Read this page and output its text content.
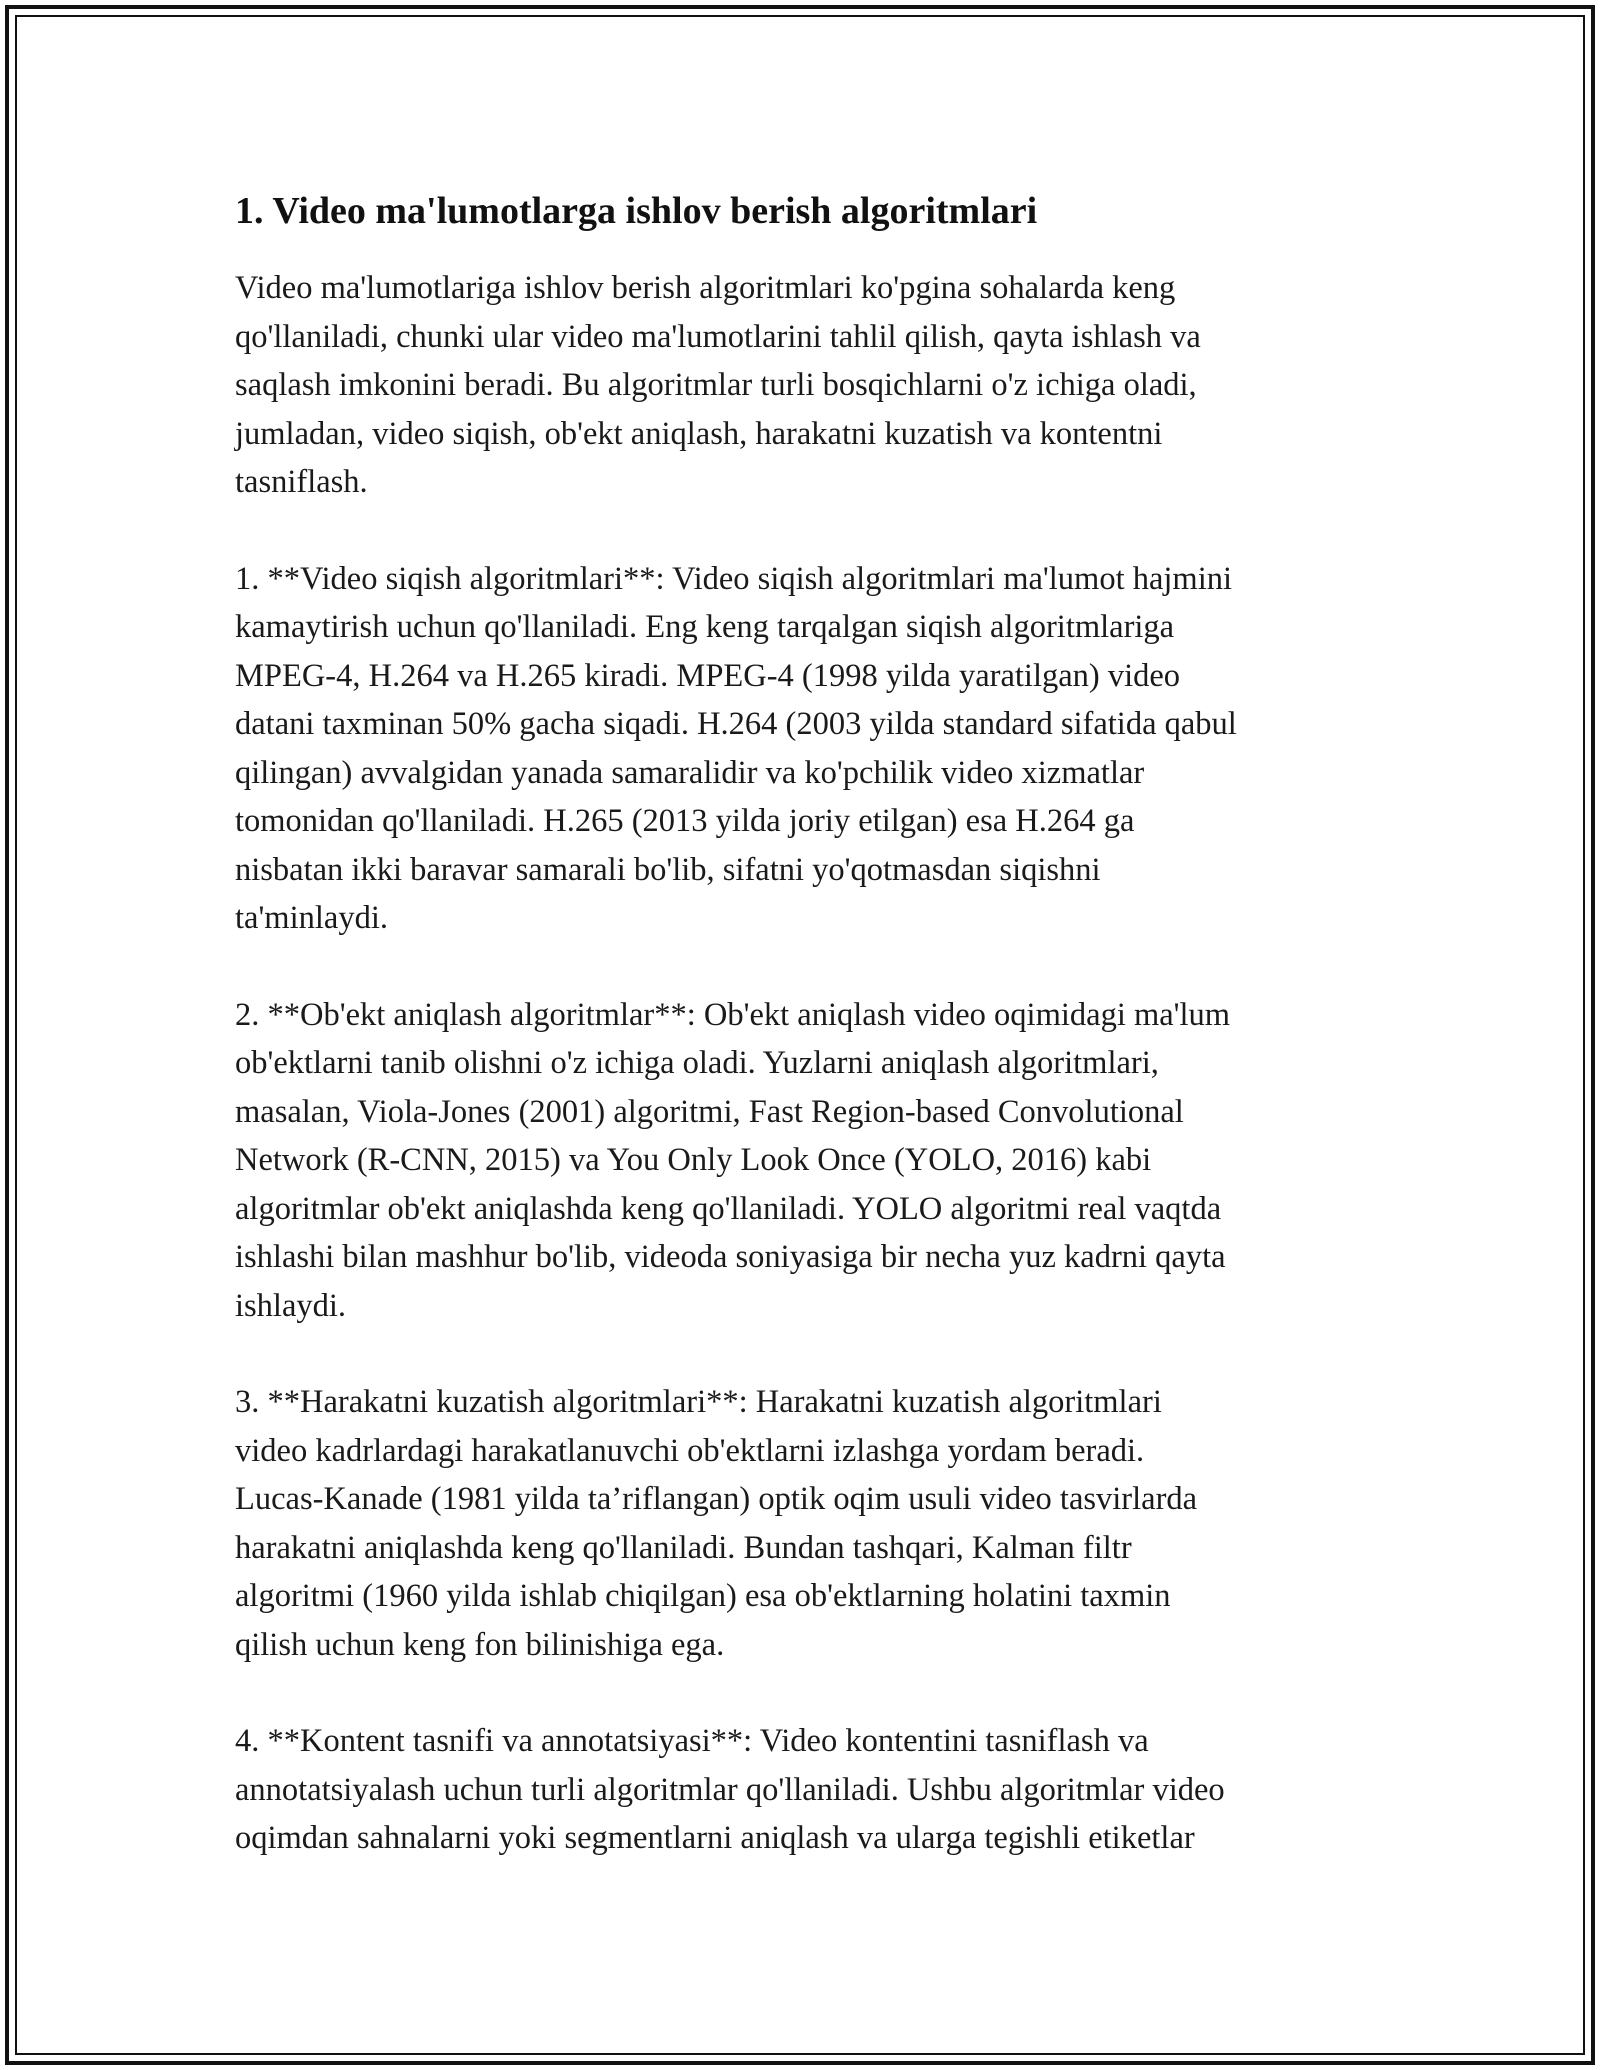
1. Video ma'lumotlarga ishlov berish algoritmlari

Video ma'lumotlariga ishlov berish algoritmlari ko'pgina sohalarda keng
qo'llaniladi, chunki ular video ma'lumotlarini tahlil qilish, qayta ishlash va
saqlash imkonini beradi. Bu algoritmlar turli bosqichlarni o'z ichiga oladi,
jumladan, video siqish, ob'ekt aniqlash, harakatni kuzatish va kontentni
tasniflash.

1. **Video siqish algoritmlari**: Video siqish algoritmlari ma'lumot hajmini
kamaytirish uchun qo'llaniladi. Eng keng tarqalgan siqish algoritmlariga
MPEG-4, H.264 va H.265 kiradi. MPEG-4 (1998 yilda yaratilgan) video
datani taxminan 50% gacha siqadi. H.264 (2003 yilda standard sifatida qabul
qilingan) avvalgidan yanada samaralidir va ko'pchilik video xizmatlar
tomonidan qo'llaniladi. H.265 (2013 yilda joriy etilgan) esa H.264 ga
nisbatan ikki baravar samarali bo'lib, sifatni yo'qotmasdan siqishni
ta'minlaydi.

2. **Ob'ekt aniqlash algoritmlar**: Ob'ekt aniqlash video oqimidagi ma'lum
ob'ektlarni tanib olishni o'z ichiga oladi. Yuzlarni aniqlash algoritmlari,
masalan, Viola-Jones (2001) algoritmi, Fast Region-based Convolutional
Network (R-CNN, 2015) va You Only Look Once (YOLO, 2016) kabi
algoritmlar ob'ekt aniqlashda keng qo'llaniladi. YOLO algoritmi real vaqtda
ishlashi bilan mashhur bo'lib, videoda soniyasiga bir necha yuz kadrni qayta
ishlaydi.

3. **Harakatni kuzatish algoritmlari**: Harakatni kuzatish algoritmlari
video kadrlardagi harakatlanuvchi ob'ektlarni izlashga yordam beradi.
Lucas-Kanade (1981 yilda ta’riflangan) optik oqim usuli video tasvirlarda
harakatni aniqlashda keng qo'llaniladi. Bundan tashqari, Kalman filtr
algoritmi (1960 yilda ishlab chiqilgan) esa ob'ektlarning holatini taxmin
qilish uchun keng fon bilinishiga ega.

4. **Kontent tasnifi va annotatsiyasi**: Video kontentini tasniflash va
annotatsiyalash uchun turli algoritmlar qo'llaniladi. Ushbu algoritmlar video
oqimdan sahnalarni yoki segmentlarni aniqlash va ularga tegishli etiketlar
